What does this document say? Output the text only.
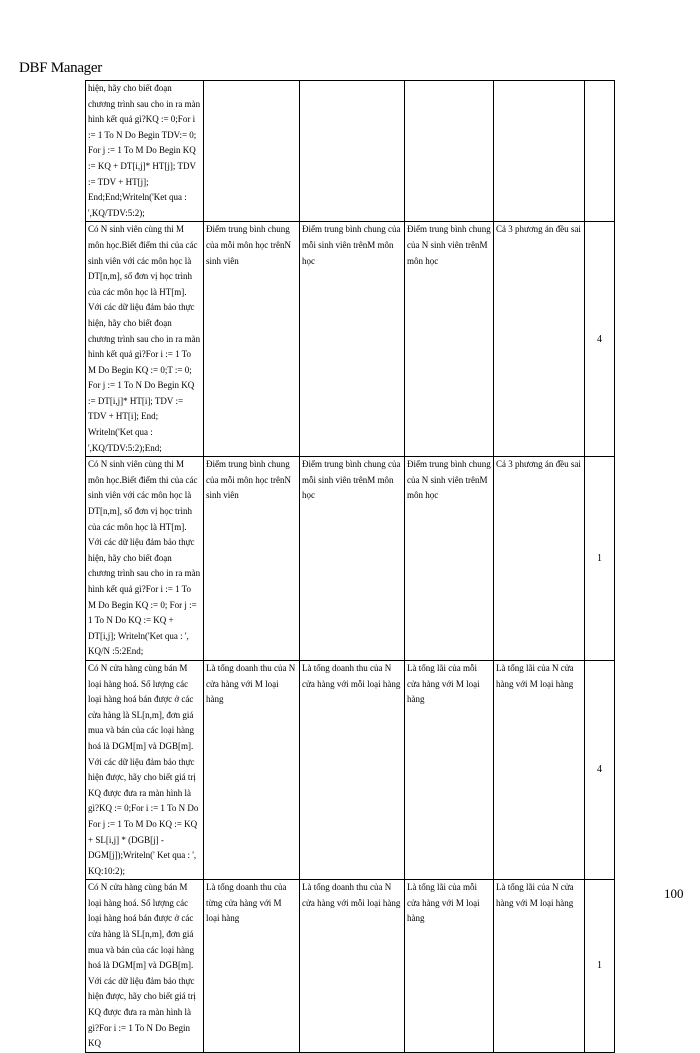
DBF Manager
hiện, hãy cho biết đoạn chương trình sau cho in ra màn hình kết quả gì?KQ := 0;For i := 1 To N Do Begin TDV:= 0; For j := 1 To M Do Begin KQ := KQ + DT[i,j]* HT[j]; TDV := TDV + HT[j]; End;End;Writeln('Ket qua : ',KQ/TDV:5:2);					
Có N sinh viên cùng thi M môn học.Biết điểm thi của các sinh viên với các môn học là DT[n,m], số đơn vị học trình của các môn học là HT[m]. Với các dữ liệu đảm bảo thực hiện, hãy cho biết đoạn chương trình sau cho in ra màn hình kết quả gì?For i := 1 To M Do Begin KQ := 0;T := 0; For j := 1 To N Do Begin KQ := DT[i,j]* HT[i]; TDV := TDV + HT[i]; End; Writeln('Ket qua : ',KQ/TDV:5:2);End;	Điểm trung bình chung của mỗi môn học trênN sinh viên	Điểm trung bình chung của mỗi sinh viên trênM môn học	Điểm trung bình chung của N sinh viên trênM môn học	Cả 3 phương án đều sai	4
Có N sinh viên cùng thi M môn học.Biết điểm thi của các sinh viên với các môn học là DT[n,m], số đơn vị học trình của các môn học là HT[m]. Với các dữ liệu đảm bảo thực hiện, hãy cho biết đoạn chương trình sau cho in ra màn hình kết quả gì?For i := 1 To M Do Begin KQ := 0; For j := 1 To N Do KQ := KQ + DT[i,j]; Writeln('Ket qua : ', KQ/N :5:2End;	Điểm trung bình chung của mỗi môn học trênN sinh viên	Điểm trung bình chung của mỗi sinh viên trênM môn học	Điểm trung bình chung của N sinh viên trênM môn học	Cả 3 phương án đều sai	1
Có N cửa hàng cùng bán M loại hàng hoá. Số lượng các loại hàng hoá bán được ở các cửa hàng là SL[n,m], đơn giá mua và bán của các loại hàng hoá là DGM[m] và DGB[m]. Với các dữ liệu đảm bảo thực hiện được, hãy cho biết giá trị KQ được đưa ra màn hình là gì?KQ := 0;For i := 1 To N Do For j := 1 To M Do KQ := KQ + SL[i,j] * (DGB[j] - DGM[j]);Writeln(' Ket qua : ', KQ:10:2);	Là tổng doanh thu của N cửa hàng với M loại hàng	Là tổng doanh thu của N cửa hàng với mỗi loại hàng	Là tổng lãi của mỗi cửa hàng với M loại hàng	Là tổng lãi của N cửa hàng với M loại hàng	4
Có N cửa hàng cùng bán M loại hàng hoá. Số lượng các loại hàng hoá bán được ở các cửa hàng là SL[n,m], đơn giá mua và bán của các loại hàng hoá là DGM[m] và DGB[m]. Với các dữ liệu đảm bảo thực hiện được, hãy cho biết giá trị KQ được đưa ra màn hình là gì?For i := 1 To N Do Begin KQ	Là tổng doanh thu của từng cửa hàng với M loại hàng	Là tổng doanh thu của N cửa hàng với mỗi loại hàng	Là tổng lãi của mỗi cửa hàng với M loại hàng	Là tổng lãi của N cửa hàng với M loại hàng	1
100
